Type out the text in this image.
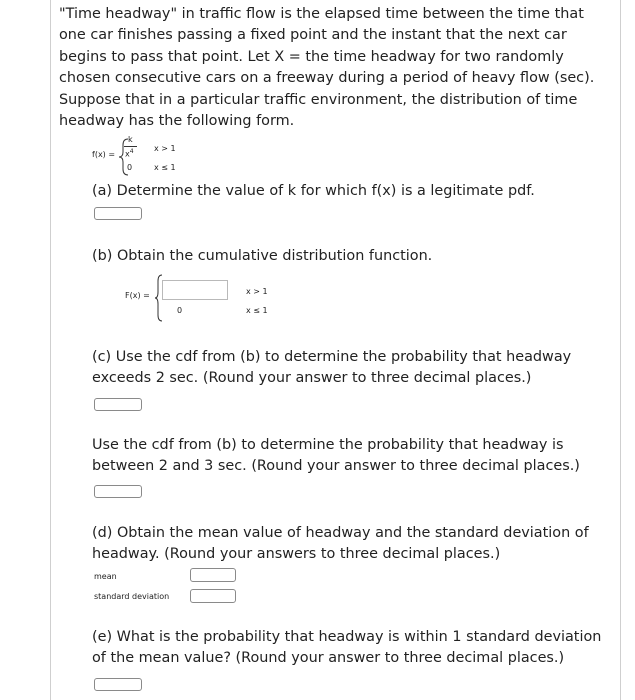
"Time headway" in traffic flow is the elapsed time between the time that one car finishes passing a fixed point and the instant that the next car begins to pass that point. Let X = the time headway for two randomly chosen consecutive cars on a freeway during a period of heavy flow (sec). Suppose that in a particular traffic environment, the distribution of time headway has the following form.
f(x) =
k
$x^4$	x > 1
0	x ≤ 1
(a) Determine the value of k for which f(x) is a legitimate pdf.
(b) Obtain the cumulative distribution function.
F(x) =
0
x > 1
x ≤ 1
(c) Use the cdf from (b) to determine the probability that headway exceeds 2 sec. (Round your answer to three decimal places.)
Use the cdf from (b) to determine the probability that headway is between 2 and 3 sec. (Round your answer to three decimal places.)
(d) Obtain the mean value of headway and the standard deviation of headway. (Round your answers to three decimal places.)
mean
standard deviation
(e) What is the probability that headway is within 1 standard deviation of the mean value? (Round your answer to three decimal places.)
